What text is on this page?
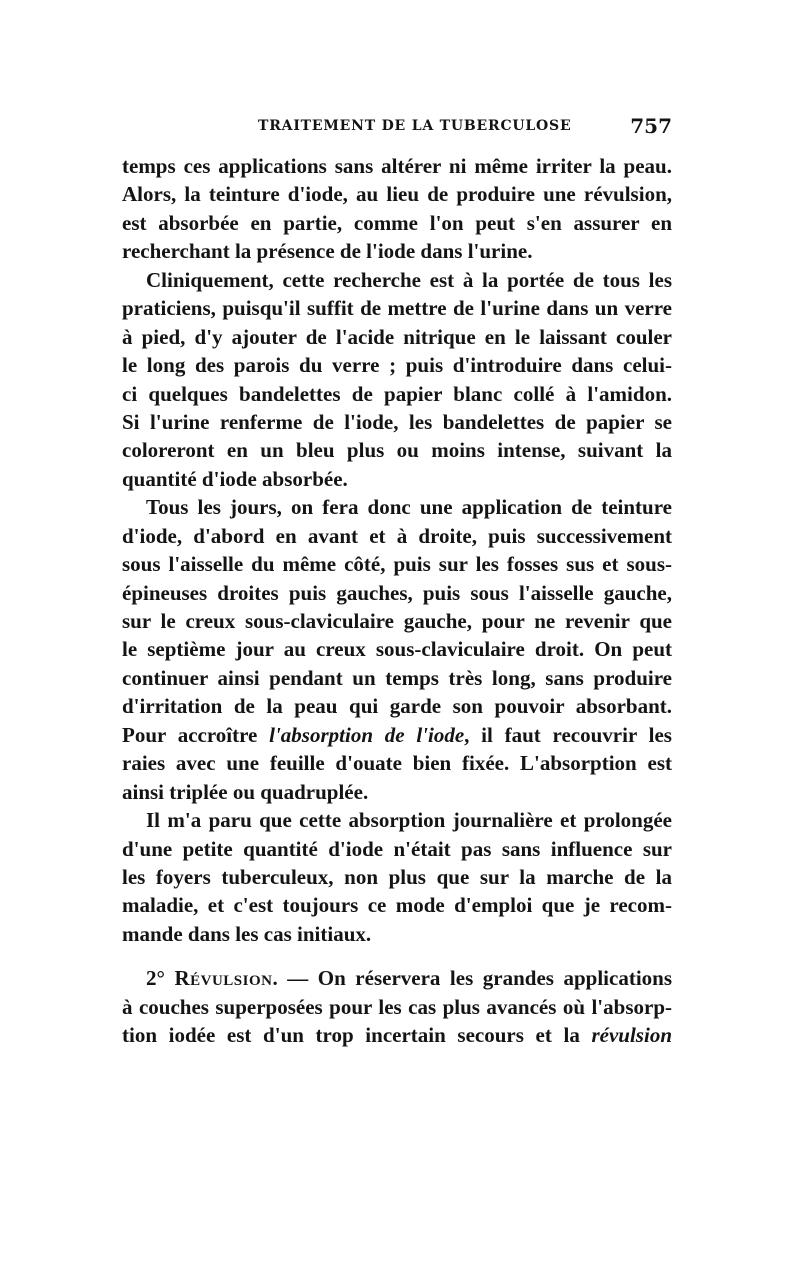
TRAITEMENT DE LA TUBERCULOSE	757
temps ces applications sans altérer ni même irriter la peau.
Alors, la teinture d'iode, au lieu de produire une révulsion,
est absorbée en partie, comme l'on peut s'en assurer en
recherchant la présence de l'iode dans l'urine.
Cliniquement, cette recherche est à la portée de tous les
praticiens, puisqu'il suffit de mettre de l'urine dans un verre
à pied, d'y ajouter de l'acide nitrique en le laissant couler
le long des parois du verre ; puis d'introduire dans celui-
ci quelques bandelettes de papier blanc collé à l'amidon.
Si l'urine renferme de l'iode, les bandelettes de papier se
coloreront en un bleu plus ou moins intense, suivant la
quantité d'iode absorbée.
Tous les jours, on fera donc une application de teinture
d'iode, d'abord en avant et à droite, puis successivement
sous l'aisselle du même côté, puis sur les fosses sus et sous-
épineuses droites puis gauches, puis sous l'aisselle gauche,
sur le creux sous-claviculaire gauche, pour ne revenir que
le septième jour au creux sous-claviculaire droit. On peut
continuer ainsi pendant un temps très long, sans produire
d'irritation de la peau qui garde son pouvoir absorbant.
Pour accroître l'absorption de l'iode, il faut recouvrir les
raies avec une feuille d'ouate bien fixée. L'absorption est
ainsi triplée ou quadruplée.
Il m'a paru que cette absorption journalière et prolongée
d'une petite quantité d'iode n'était pas sans influence sur
les foyers tuberculeux, non plus que sur la marche de la
maladie, et c'est toujours ce mode d'emploi que je recom-
mande dans les cas initiaux.
2° Révulsion. — On réservera les grandes applications
à couches superposées pour les cas plus avancés où l'absorp-
tion iodée est d'un trop incertain secours et la révulsion
